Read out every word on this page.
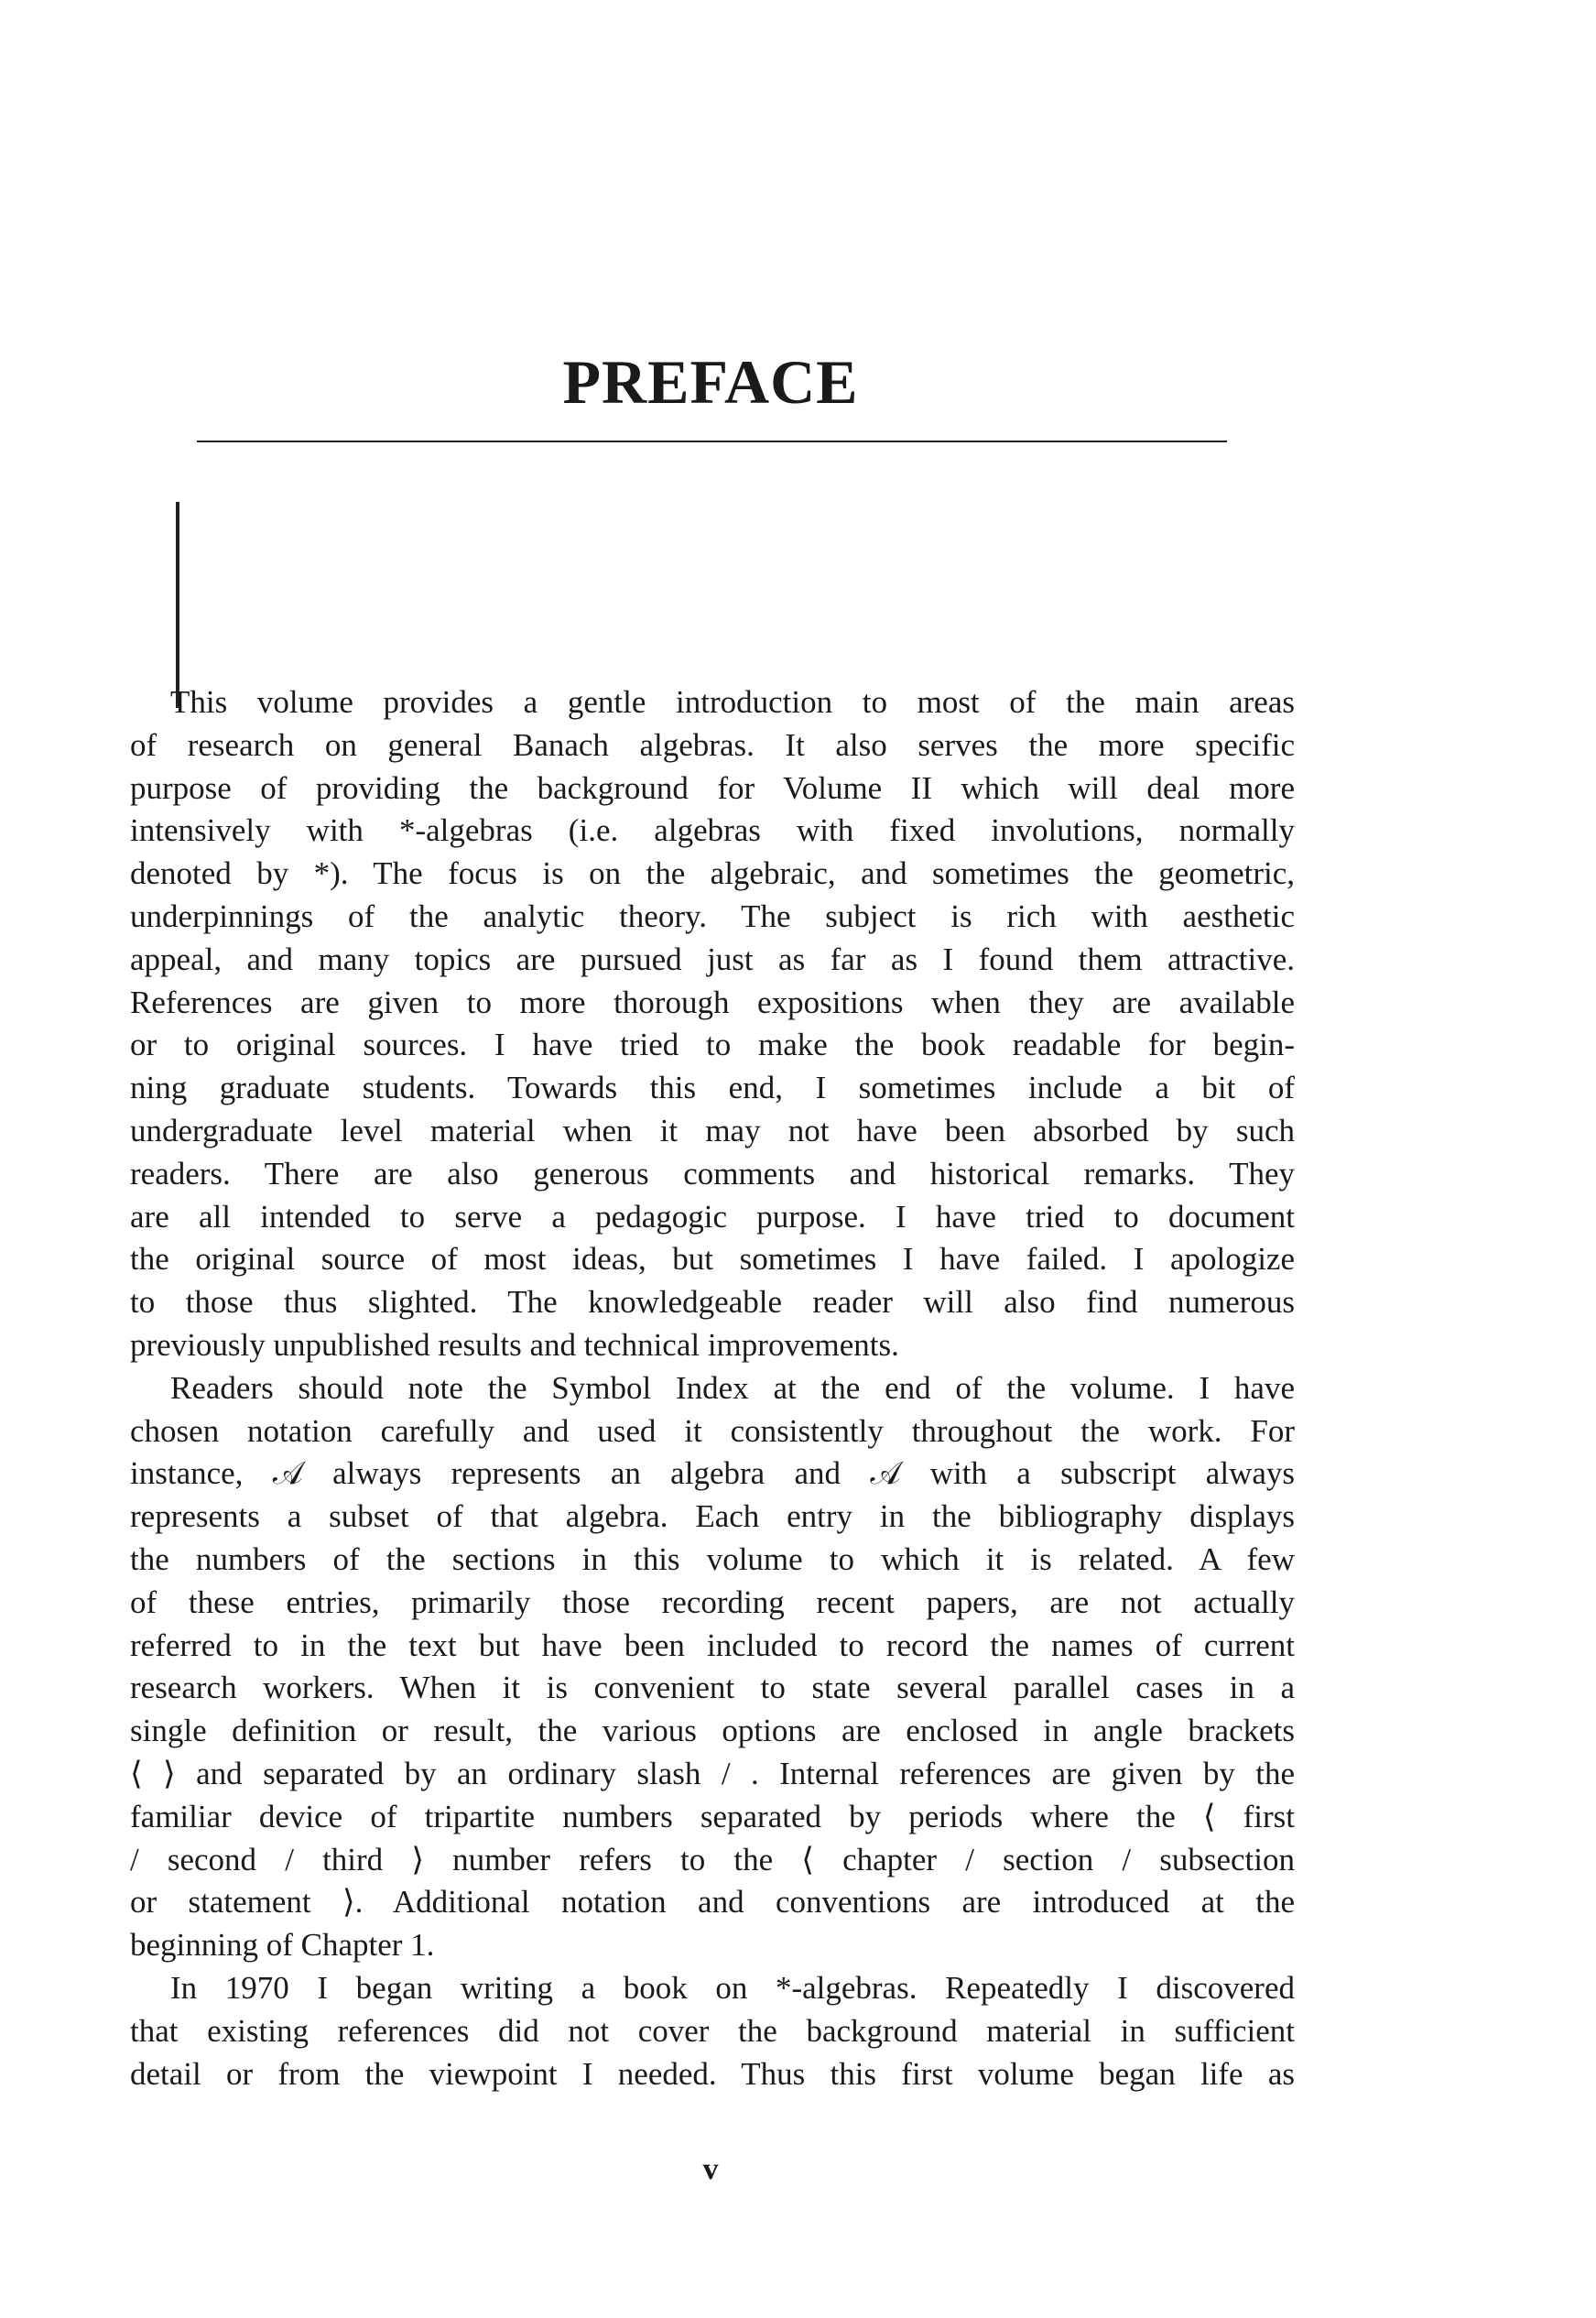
PREFACE
This volume provides a gentle introduction to most of the main areas
of research on general Banach algebras. It also serves the more specific
purpose of providing the background for Volume II which will deal more
intensively with *-algebras (i.e. algebras with fixed involutions, normally
denoted by *). The focus is on the algebraic, and sometimes the geometric,
underpinnings of the analytic theory. The subject is rich with aesthetic
appeal, and many topics are pursued just as far as I found them attractive.
References are given to more thorough expositions when they are available
or to original sources. I have tried to make the book readable for begin-
ning graduate students. Towards this end, I sometimes include a bit of
undergraduate level material when it may not have been absorbed by such
readers. There are also generous comments and historical remarks. They
are all intended to serve a pedagogic purpose. I have tried to document
the original source of most ideas, but sometimes I have failed. I apologize
to those thus slighted. The knowledgeable reader will also find numerous
previously unpublished results and technical improvements.
Readers should note the Symbol Index at the end of the volume. I have
chosen notation carefully and used it consistently throughout the work. For
instance, 𝒜 always represents an algebra and 𝒜 with a subscript always
represents a subset of that algebra. Each entry in the bibliography displays
the numbers of the sections in this volume to which it is related. A few
of these entries, primarily those recording recent papers, are not actually
referred to in the text but have been included to record the names of current
research workers. When it is convenient to state several parallel cases in a
single definition or result, the various options are enclosed in angle brackets
⟨ ⟩ and separated by an ordinary slash / . Internal references are given by the
familiar device of tripartite numbers separated by periods where the ⟨ first
/ second / third ⟩ number refers to the ⟨ chapter / section / subsection
or statement ⟩. Additional notation and conventions are introduced at the
beginning of Chapter 1.
In 1970 I began writing a book on *-algebras. Repeatedly I discovered
that existing references did not cover the background material in sufficient
detail or from the viewpoint I needed. Thus this first volume began life as
v
